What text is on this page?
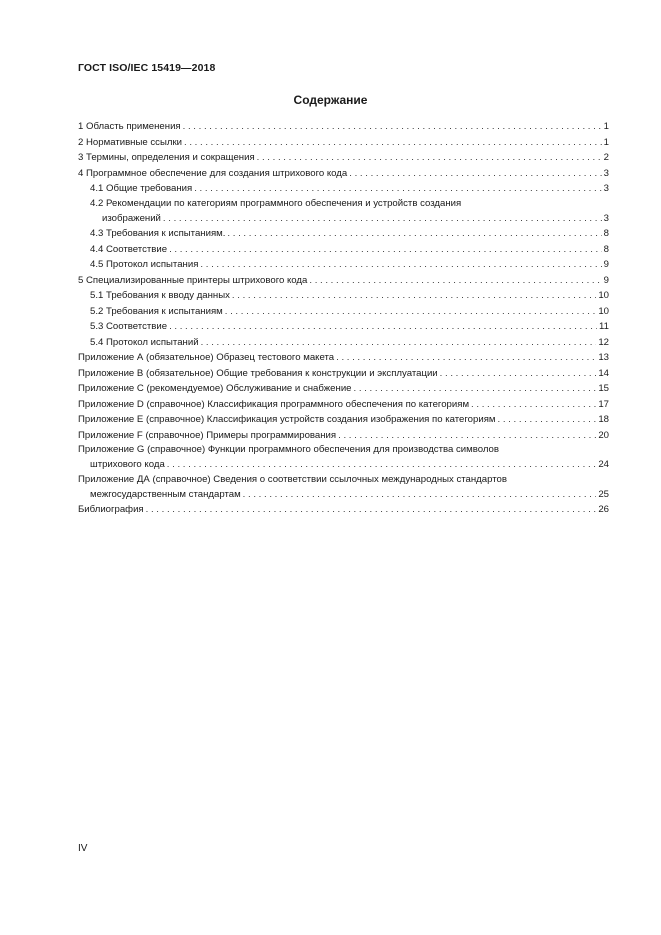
ГОСТ ISO/IEC 15419—2018
Содержание
1 Область применения . . .	1
2 Нормативные ссылки . . .	1
3 Термины, определения и сокращения . . .	2
4 Программное обеспечение для создания штрихового кода . . .	3
4.1 Общие требования . . .	3
4.2 Рекомендации по категориям программного обеспечения и устройств создания
изображений . . .	3
4.3 Требования к испытаниям. . . .	8
4.4 Соответствие . . .	8
4.5 Протокол испытания . . .	9
5 Специализированные принтеры штрихового кода . . .	9
5.1 Требования к вводу данных . . .	10
5.2 Требования к испытаниям . . .	10
5.3 Соответствие . . .	11
5.4 Протокол испытаний . . .	12
Приложение А (обязательное) Образец тестового макета . . .	13
Приложение В (обязательное) Общие требования к конструкции и эксплуатации . . .	14
Приложение С (рекомендуемое) Обслуживание и снабжение . . .	15
Приложение D (справочное) Классификация программного обеспечения по категориям . . .	17
Приложение Е (справочное) Классификация устройств создания изображения по категориям . . .	18
Приложение F (справочное) Примеры программирования . . .	20
Приложение G (справочное) Функции программного обеспечения для производства символов
штрихового кода . . .	24
Приложение ДА (справочное) Сведения о соответствии ссылочных международных стандартов
межгосударственным стандартам . . .	25
Библиография . . .	26
IV
